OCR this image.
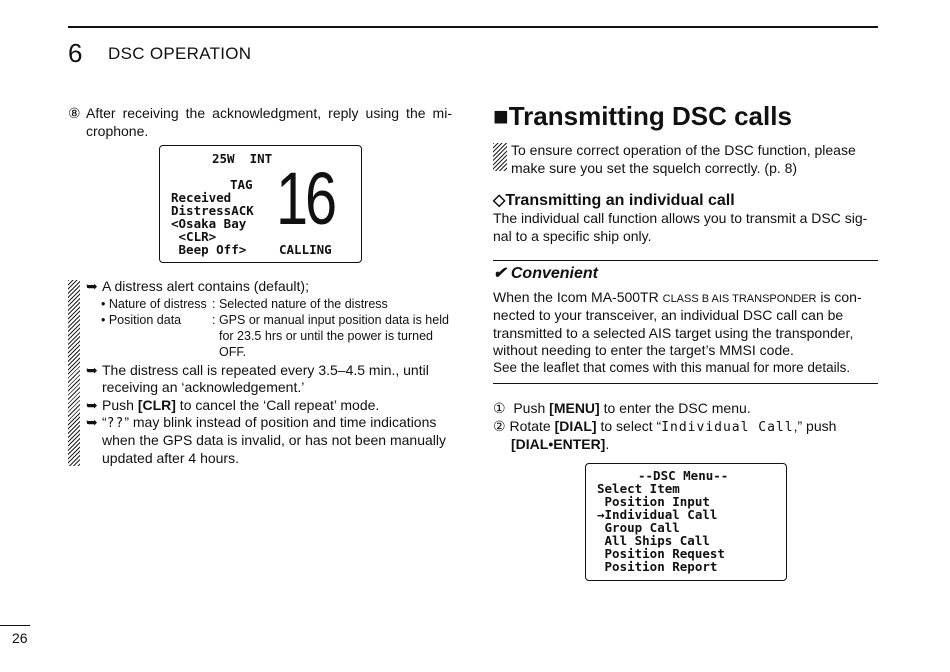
6 DSC OPERATION
⑧ After receiving the acknowledgment, reply using the mi-crophone.
25W  INT
TAG 16
Received
DistressACK
<Osaka Bay
<CLR>
Beep Off>	CALLING
➥ A distress alert contains (default);
• Nature of distress : Selected nature of the distress
• Position data : GPS or manual input position data is held
for 23.5 hrs or until the power is turned
OFF.
➥ The distress call is repeated every 3.5–4.5 min., until
receiving an ‘acknowledgement.’
➥ Push [CLR] to cancel the ‘Call repeat’ mode.
➥ “??” may blink instead of position and time indications
when the GPS data is invalid, or has not been manually
updated after 4 hours.
■Transmitting DSC calls
To ensure correct operation of the DSC function, please
make sure you set the squelch correctly. (p. 8)
◇Transmitting an individual call
The individual call function allows you to transmit a DSC sig-
nal to a specific ship only.
✔ Convenient
When the Icom MA-500TR CLASS B AIS TRANSPONDER is con-
nected to your transceiver, an individual DSC call can be
transmitted to a selected AIS target using the transponder,
without needing to enter the target’s MMSI code.
See the leaflet that comes with this manual for more details.
① Push [MENU] to enter the DSC menu.
② Rotate [DIAL] to select “Individual Call,” push
[DIAL•ENTER].
--DSC Menu--
Select Item
Position Input
→Individual Call
Group Call
All Ships Call
Position Request
Position Report
26
